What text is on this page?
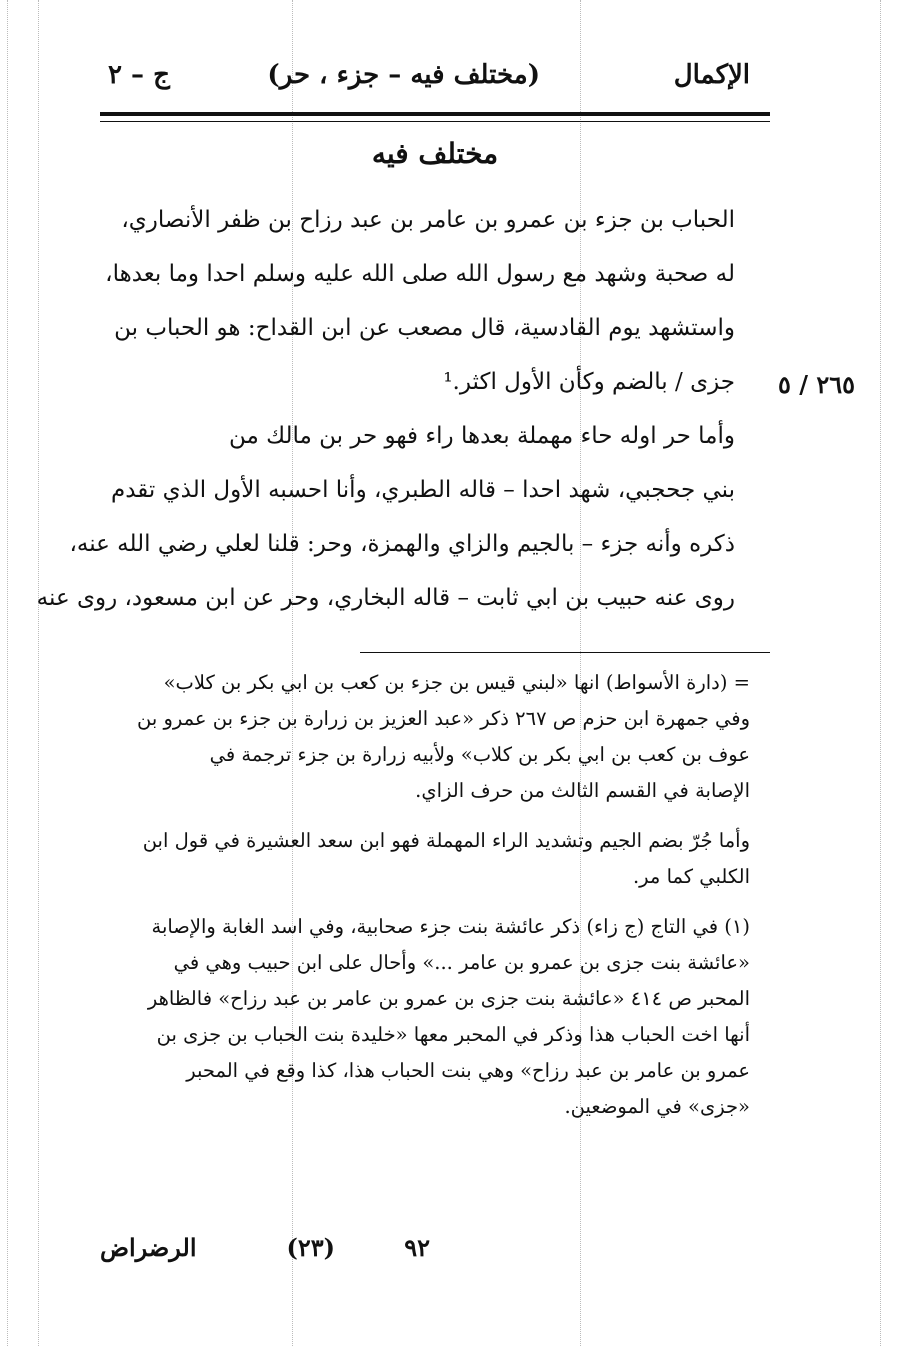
الإكمال
(مختلف فيه – جزء ، حر)
ج – ٢
مختلف فيه
٢٦٥ / ٥
الحباب بن جزء بن عمرو بن عامر بن عبد رزاح بن ظفر الأنصاري،
له صحبة وشهد مع رسول الله صلى الله عليه وسلم احدا وما بعدها،
واستشهد يوم القادسية، قال مصعب عن ابن القداح: هو الحباب بن
جزى / بالضم وكأن الأول اكثر.¹
وأما حر اوله حاء مهملة بعدها راء فهو حر بن مالك من
بني جحجبي، شهد احدا – قاله الطبري، وأنا احسبه الأول الذي تقدم
ذكره وأنه جزء – بالجيم والزاي والهمزة، وحر: قلنا لعلي رضي الله عنه،
روى عنه حبيب بن ابي ثابت – قاله البخاري، وحر عن ابن مسعود، روى عنه
= (دارة الأسواط) انها «لبني قيس بن جزء بن كعب بن ابي بكر بن كلاب»
وفي جمهرة ابن حزم ص ٢٦٧ ذكر «عبد العزيز بن زرارة بن جزء بن عمرو بن
عوف بن كعب بن ابي بكر بن كلاب» ولأبيه زرارة بن جزء ترجمة في
الإصابة في القسم الثالث من حرف الزاي.
وأما جُرّ بضم الجيم وتشديد الراء المهملة فهو ابن سعد العشيرة في قول ابن
الكلبي كما مر.
(١) في التاج (ج زاء) ذكر عائشة بنت جزء صحابية، وفي اسد الغابة والإصابة
«عائشة بنت جزى بن عمرو بن عامر ...» وأحال على ابن حبيب وهي في
المحبر ص ٤١٤ «عائشة بنت جزى بن عمرو بن عامر بن عبد رزاح» فالظاهر
أنها اخت الحباب هذا وذكر في المحبر معها «خليدة بنت الحباب بن جزى بن
عمرو بن عامر بن عبد رزاح» وهي بنت الحباب هذا، كذا وقع في المحبر
«جزى» في الموضعين.
٩٢
(٢٣)
الرضراض
